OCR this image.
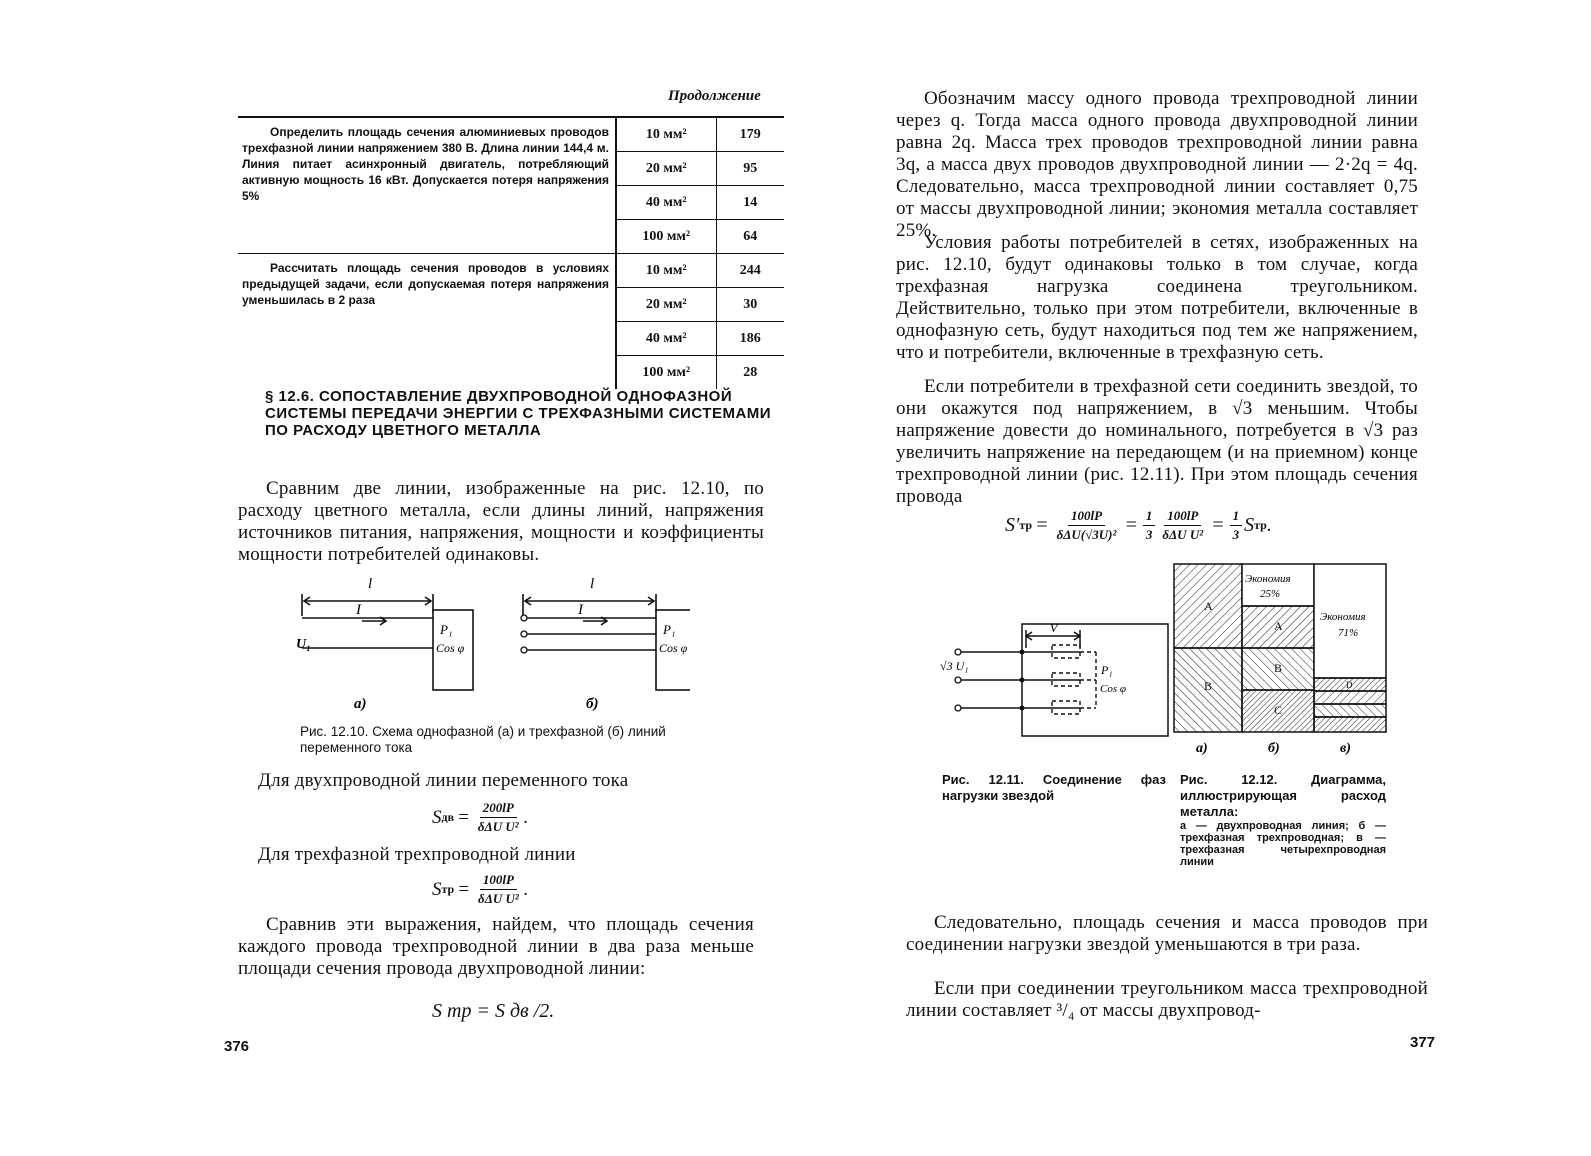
Продолжение
Определить площадь сечения алюминиевых проводов трехфазной линии напряжением 380 В. Длина линии 144,4 м. Линия питает асинхронный двигатель, потребляющий активную мощность 16 кВт. Допускается потеря напряжения 5%	10 мм²	179
	20 мм²	95
	40 мм²	14
	100 мм²	64
Рассчитать площадь сечения проводов в условиях предыдущей задачи, если допускаемая потеря напряжения уменьшилась в 2 раза	10 мм²	244
	20 мм²	30
	40 мм²	186
	100 мм²	28
§ 12.6. СОПОСТАВЛЕНИЕ ДВУХПРОВОДНОЙ ОДНОФАЗНОЙ СИСТЕМЫ ПЕРЕДАЧИ ЭНЕРГИИ С ТРЕХФАЗНЫМИ СИСТЕМАМИ ПО РАСХОДУ ЦВЕТНОГО МЕТАЛЛА
Сравним две линии, изображенные на рис. 12.10, по расходу цветного металла, если длины линий, напряжения источников питания, напряжения, мощности и коэффициенты мощности потребителей одинаковы.
l	l
I	I
U₁
P₁
Cos φ
P₁
Cos φ
а)	б)
Рис. 12.10. Схема однофазной (а) и трехфазной (б) линий переменного тока
Для двухпроводной линии переменного тока
S дв = $\frac{200lP}{\text{δΔU U²}}$ .
Для трехфазной трехпроводной линии
S тр = $\frac{100lP}{\text{δΔU U²}}$ .
Сравнив эти выражения, найдем, что площадь сечения каждого провода трехпроводной линии в два раза меньше площади сечения провода двухпроводной линии:
S тр = S дв /2.
376
Обозначим массу одного провода трехпроводной линии через q. Тогда масса одного провода двухпроводной линии равна 2q. Масса трех проводов трехпроводной линии равна 3q, а масса двух проводов двухпроводной линии — 2·2q = 4q. Следовательно, масса трехпроводной линии составляет 0,75 от массы двухпроводной линии; экономия металла составляет 25%.
Условия работы потребителей в сетях, изображенных на рис. 12.10, будут одинаковы только в том случае, когда трехфазная нагрузка соединена треугольником. Действительно, только при этом потребители, включенные в однофазную сеть, будут находиться под тем же напряжением, что и потребители, включенные в трехфазную сеть.
Если потребители в трехфазной сети соединить звездой, то они окажутся под напряжением, в √3 меньшим. Чтобы напряжение довести до номинального, потребуется в √3 раз увеличить напряжение на передающем (и на приемном) конце трехпроводной линии (рис. 12.11). При этом площадь сечения провода
S′ тр = $\frac{100lP}{\text{δΔU(√3U)²}} = \frac{1}{3} \frac{100lP}{\text{δΔU U²}} = \frac{1}{3}$ S тр .
√3 U₁
V
P₁
Cos φ
Экономия
25%
Экономия
71%
A
B
A
B
C
D
а)	б)	в)
Рис. 12.11. Соединение фаз нагрузки звездой
Рис. 12.12. Диаграмма, иллюстрирующая расход металла:
а — двухпроводная линия; б — трехфазная трехпроводная; в — трехфазная четырехпроводная линии
Следовательно, площадь сечения и масса проводов при соединении нагрузки звездой уменьшаются в три раза.
Если при соединении треугольником масса трехпроводной линии составляет ³/₄ от массы двухпровод-
377
